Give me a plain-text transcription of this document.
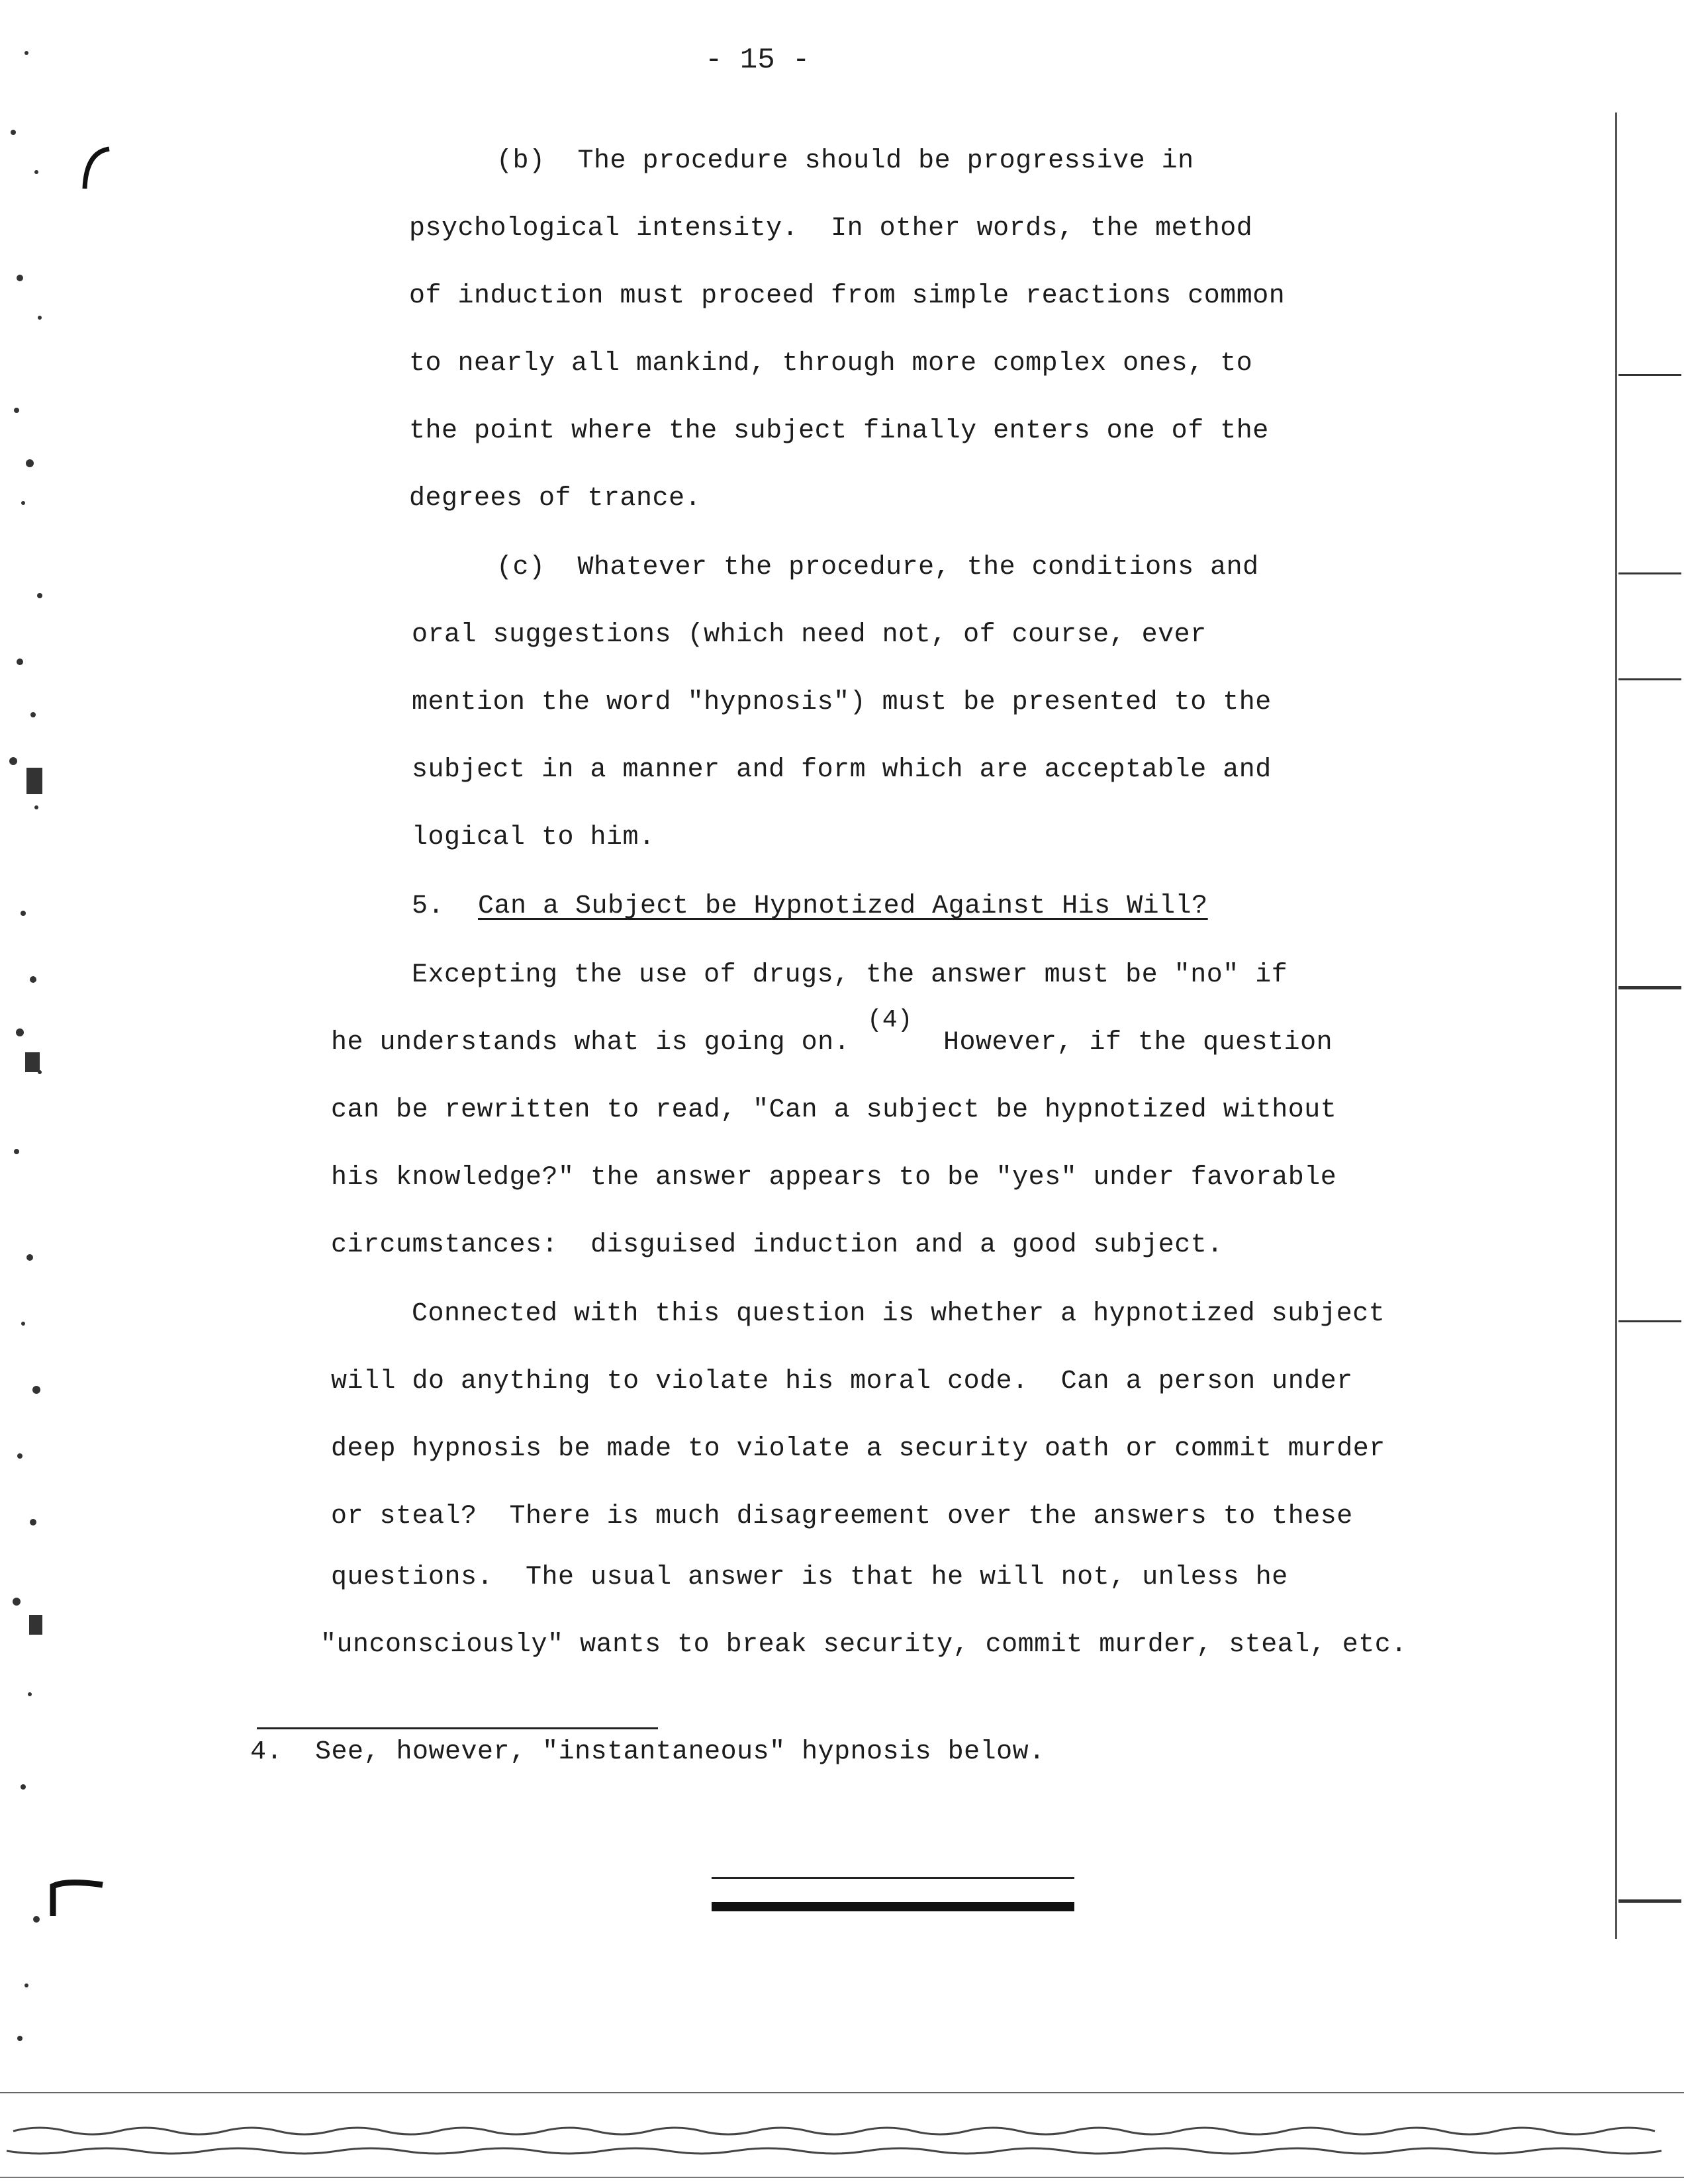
- 15 -
(b)  The procedure should be progressive in
psychological intensity.  In other words, the method
of induction must proceed from simple reactions common
to nearly all mankind, through more complex ones, to
the point where the subject finally enters one of the
degrees of trance.
(c)  Whatever the procedure, the conditions and
oral suggestions (which need not, of course, ever
mention the word "hypnosis") must be presented to the
subject in a manner and form which are acceptable and
logical to him.
5. Can a Subject be Hypnotized Against His Will?
Excepting the use of drugs, the answer must be "no" if
he understands what is going on.
(4)
However, if the question
can be rewritten to read, "Can a subject be hypnotized without
his knowledge?" the answer appears to be "yes" under favorable
circumstances:  disguised induction and a good subject.
Connected with this question is whether a hypnotized subject
will do anything to violate his moral code.  Can a person under
deep hypnosis be made to violate a security oath or commit murder
or steal?  There is much disagreement over the answers to these
questions.  The usual answer is that he will not, unless he
"unconsciously" wants to break security, commit murder, steal, etc.
4.  See, however, "instantaneous" hypnosis below.
